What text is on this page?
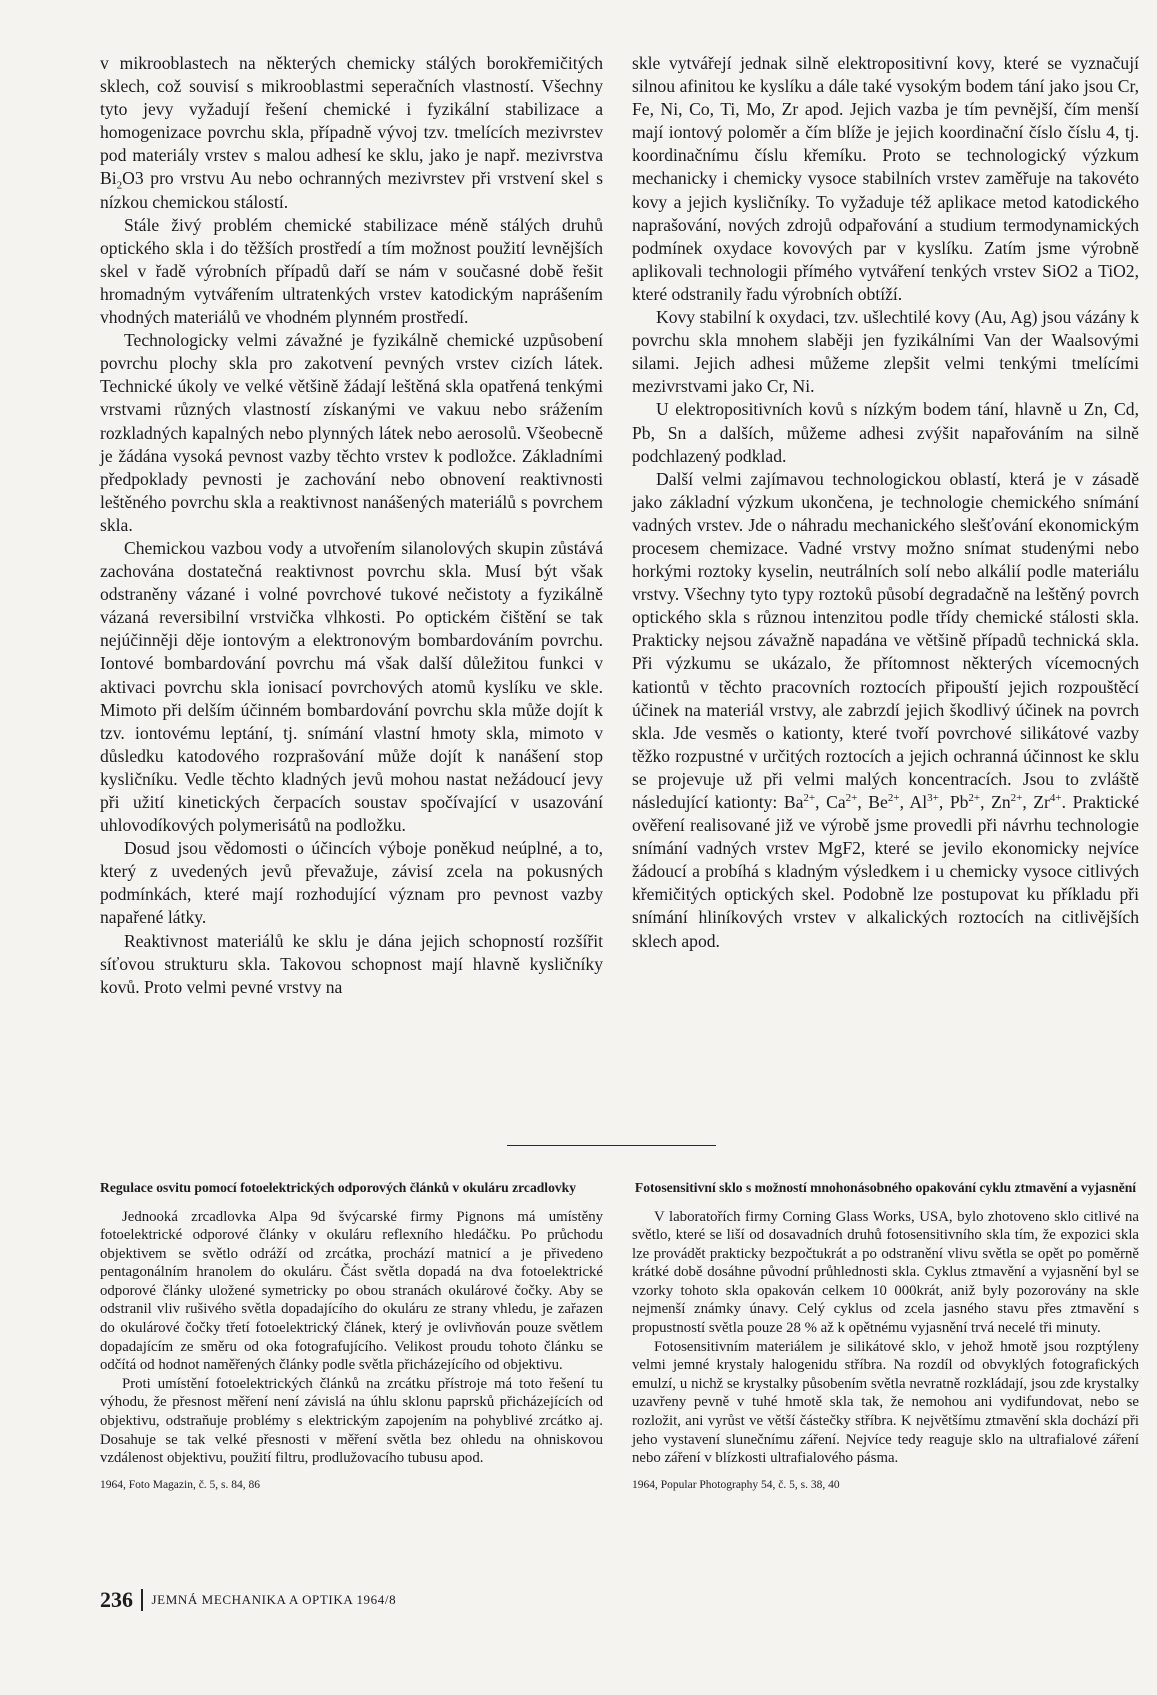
v mikrooblastech na některých chemicky stálých borokřemičitých sklech, což souvisí s mikrooblastmi seperačních vlastností. Všechny tyto jevy vyžadují řešení chemické i fyzikální stabilizace a homogenizace povrchu skla, případně vývoj tzv. tmelících mezivrstev pod materiály vrstev s malou adhesí ke sklu, jako je např. mezivrstva $Bi_2O3$ pro vrstvu Au nebo ochranných mezivrstev při vrstvení skel s nízkou chemickou stálostí.

Stále živý problém chemické stabilizace méně stálých druhů optického skla i do těžších prostředí a tím možnost použití levnějších skel v řadě výrobních případů daří se nám v současné době řešit hromadným vytvářením ultratenkých vrstev katodickým naprášením vhodných materiálů ve vhodném plynném prostředí.

Technologicky velmi závažné je fyzikálně chemické uzpůsobení povrchu plochy skla pro zakotvení pevných vrstev cizích látek. Technické úkoly ve velké většině žádají leštěná skla opatřená tenkými vrstvami různých vlastností získanými ve vakuu nebo srážením rozkladných kapalných nebo plynných látek nebo aerosolů. Všeobecně je žádána vysoká pevnost vazby těchto vrstev k podložce. Základními předpoklady pevnosti je zachování nebo obnovení reaktivnosti leštěného povrchu skla a reaktivnost nanášených materiálů s povrchem skla.

Chemickou vazbou vody a utvořením silanolových skupin zůstává zachována dostatečná reaktivnost povrchu skla. Musí být však odstraněny vázané i volné povrchové tukové nečistoty a fyzikálně vázaná reversibilní vrstvička vlhkosti. Po optickém čištění se tak nejúčinněji děje iontovým a elektronovým bombardováním povrchu. Iontové bombardování povrchu má však další důležitou funkci v aktivaci povrchu skla ionisací povrchových atomů kyslíku ve skle. Mimoto při delším účinném bombardování povrchu skla může dojít k tzv. iontovému leptání, tj. snímání vlastní hmoty skla, mimoto v důsledku katodového rozprašování může dojít k nanášení stop kysličníku. Vedle těchto kladných jevů mohou nastat nežádoucí jevy při užití kinetických čerpacích soustav spočívající v usazování uhlovodíkových polymerisátů na podložku.

Dosud jsou vědomosti o účincích výboje poněkud neúplné, a to, který z uvedených jevů převažuje, závisí zcela na pokusných podmínkách, které mají rozhodující význam pro pevnost vazby napařené látky.

Reaktivnost materiálů ke sklu je dána jejich schopností rozšířit síťovou strukturu skla. Takovou schopnost mají hlavně kysličníky kovů. Proto velmi pevné vrstvy na

skle vytvářejí jednak silně elektropositivní kovy, které se vyznačují silnou afinitou ke kyslíku a dále také vysokým bodem tání jako jsou Cr, Fe, Ni, Co, Ti, Mo, Zr apod. Jejich vazba je tím pevnější, čím menší mají iontový poloměr a čím blíže je jejich koordinační číslo číslu 4, tj. koordinačnímu číslu křemíku. Proto se technologický výzkum mechanicky i chemicky vysoce stabilních vrstev zaměřuje na takovéto kovy a jejich kysličníky. To vyžaduje též aplikace metod katodického naprašování, nových zdrojů odpařování a studium termodynamických podmínek oxydace kovových par v kyslíku. Zatím jsme výrobně aplikovali technologii přímého vytváření tenkých vrstev SiO2 a TiO2, které odstranily řadu výrobních obtíží.

Kovy stabilní k oxydaci, tzv. ušlechtilé kovy (Au, Ag) jsou vázány k povrchu skla mnohem slaběji jen fyzikálními Van der Waalsovými silami. Jejich adhesi můžeme zlepšit velmi tenkými tmelícími mezivrstvami jako Cr, Ni.

U elektropositivních kovů s nízkým bodem tání, hlavně u Zn, Cd, Pb, Sn a dalších, můžeme adhesi zvýšit napařováním na silně podchlazený podklad.

Další velmi zajímavou technologickou oblastí, která je v zásadě jako základní výzkum ukončena, je technologie chemického snímání vadných vrstev. Jde o náhradu mechanického slešťování ekonomickým procesem chemizace. Vadné vrstvy možno snímat studenými nebo horkými roztoky kyselin, neutrálních solí nebo alkálií podle materiálu vrstvy. Všechny tyto typy roztoků působí degradačně na leštěný povrch optického skla s různou intenzitou podle třídy chemické stálosti skla. Prakticky nejsou závažně napadána ve většině případů technická skla. Při výzkumu se ukázalo, že přítomnost některých vícemocných kationtů v těchto pracovních roztocích připouští jejich rozpouštěcí účinek na materiál vrstvy, ale zabrzdí jejich škodlivý účinek na povrch skla. Jde vesměs o kationty, které tvoří povrchové silikátové vazby těžko rozpustné v určitých roztocích a jejich ochranná účinnost ke sklu se projevuje už při velmi malých koncentracích. Jsou to zvláště následující kationty: $Ba^{2+}$, $Ca^{2+}$, $Be^{2+}$, $Al^{3+}$, $Pb^{2+}$, $Zn^{2+}$, $Zr^{4+}$. Praktické ověření realisované již ve výrobě jsme provedli při návrhu technologie snímání vadných vrstev MgF2, které se jevilo ekonomicky nejvíce žádoucí a probíhá s kladným výsledkem i u chemicky vysoce citlivých křemičitých optických skel. Podobně lze postupovat ku příkladu při snímání hliníkových vrstev v alkalických roztocích na citlivějších sklech apod.

Regulace osvitu pomocí fotoelektrických odporových článků v okuláru zrcadlovky

Jednooká zrcadlovka Alpa 9d švýcarské firmy Pignons má umístěny fotoelektrické odporové články v okuláru reflexního hledáčku. Po průchodu objektivem se světlo odráží od zrcátka, prochází matnicí a je přivedeno pentagonálním hranolem do okuláru. Část světla dopadá na dva fotoelektrické odporové články uložené symetricky po obou stranách okulárové čočky. Aby se odstranil vliv rušivého světla dopadajícího do okuláru ze strany vhledu, je zařazen do okulárové čočky třetí fotoelektrický článek, který je ovlivňován pouze světlem dopadajícím ze směru od oka fotografujícího. Velikost proudu tohoto článku se odčítá od hodnot naměřených články podle světla přicházejícího od objektivu.

Proti umístění fotoelektrických článků na zrcátku přístroje má toto řešení tu výhodu, že přesnost měření není závislá na úhlu sklonu paprsků přicházejících od objektivu, odstraňuje problémy s elektrickým zapojením na pohyblivé zrcátko aj. Dosahuje se tak velké přesnosti v měření světla bez ohledu na ohniskovou vzdálenost objektivu, použití filtru, prodlužovacího tubusu apod.

1964, Foto Magazin, č. 5, s. 84, 86

Fotosensitivní sklo s možností mnohonásobného opakování cyklu ztmavění a vyjasnění

V laboratořích firmy Corning Glass Works, USA, bylo zhotoveno sklo citlivé na světlo, které se liší od dosavadních druhů fotosensitivního skla tím, že expozici skla lze provádět prakticky bezpočtukrát a po odstranění vlivu světla se opět po poměrně krátké době dosáhne původní průhlednosti skla. Cyklus ztmavění a vyjasnění byl se vzorky tohoto skla opakován celkem 10 000krát, aniž byly pozorovány na skle nejmenší známky únavy. Celý cyklus od zcela jasného stavu přes ztmavění s propustností světla pouze 28 % až k opětnému vyjasnění trvá necelé tři minuty.

Fotosensitivním materiálem je silikátové sklo, v jehož hmotě jsou rozptýleny velmi jemné krystaly halogenidu stříbra. Na rozdíl od obvyklých fotografických emulzí, u nichž se krystalky působením světla nevratně rozkládají, jsou zde krystalky uzavřeny pevně v tuhé hmotě skla tak, že nemohou ani vydifundovat, nebo se rozložit, ani vyrůst ve větší částečky stříbra. K největšímu ztmavění skla dochází při jeho vystavení slunečnímu záření. Nejvíce tedy reaguje sklo na ultrafialové záření nebo záření v blízkosti ultrafialového pásma.

1964, Popular Photography 54, č. 5, s. 38, 40

236 JEMNÁ MECHANIKA A OPTIKA 1964/8
